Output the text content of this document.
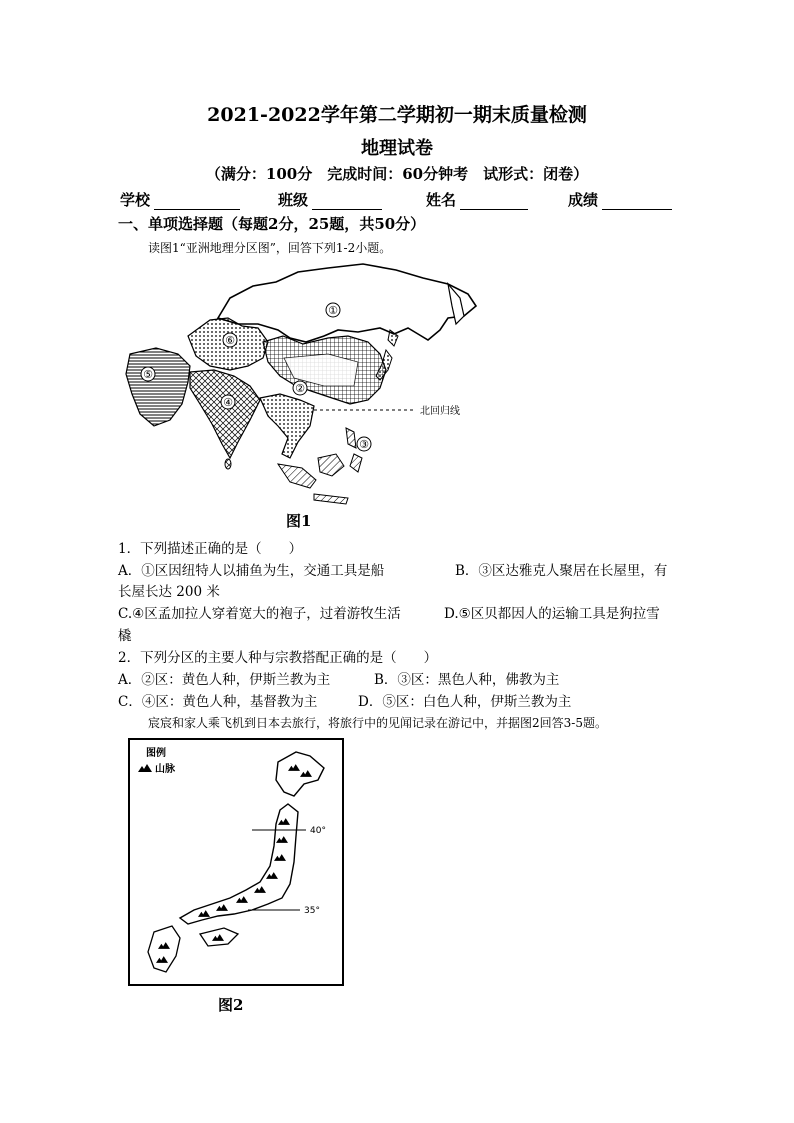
2021-2022学年第二学期初一期末质量检测
地理试卷
（满分：100分　完成时间：60分钟考　试形式：闭卷）
学校	班级	姓名	成绩
一、单项选择题（每题2分，25题，共50分）
读图1“亚洲地理分区图”，回答下列1-2小题。
北回归线
①
②
③
④
⑤
⑥
图1
1．下列描述正确的是（　　）
A．①区因纽特人以捕鱼为生，交通工具是船	B．③区达雅克人聚居在长屋里，有
长屋长达 200 米
C.④区孟加拉人穿着宽大的袍子，过着游牧生活	D.⑤区贝都因人的运输工具是狗拉雪
橇
2．下列分区的主要人种与宗教搭配正确的是（　　）
A．②区：黄色人种，伊斯兰教为主	B．③区：黑色人种，佛教为主
C．④区：黄色人种，基督教为主	D．⑤区：白色人种，伊斯兰教为主
宸宸和家人乘飞机到日本去旅行，将旅行中的见闻记录在游记中，并据图2回答3-5题。
图例
山脉
40°
35°
图2
